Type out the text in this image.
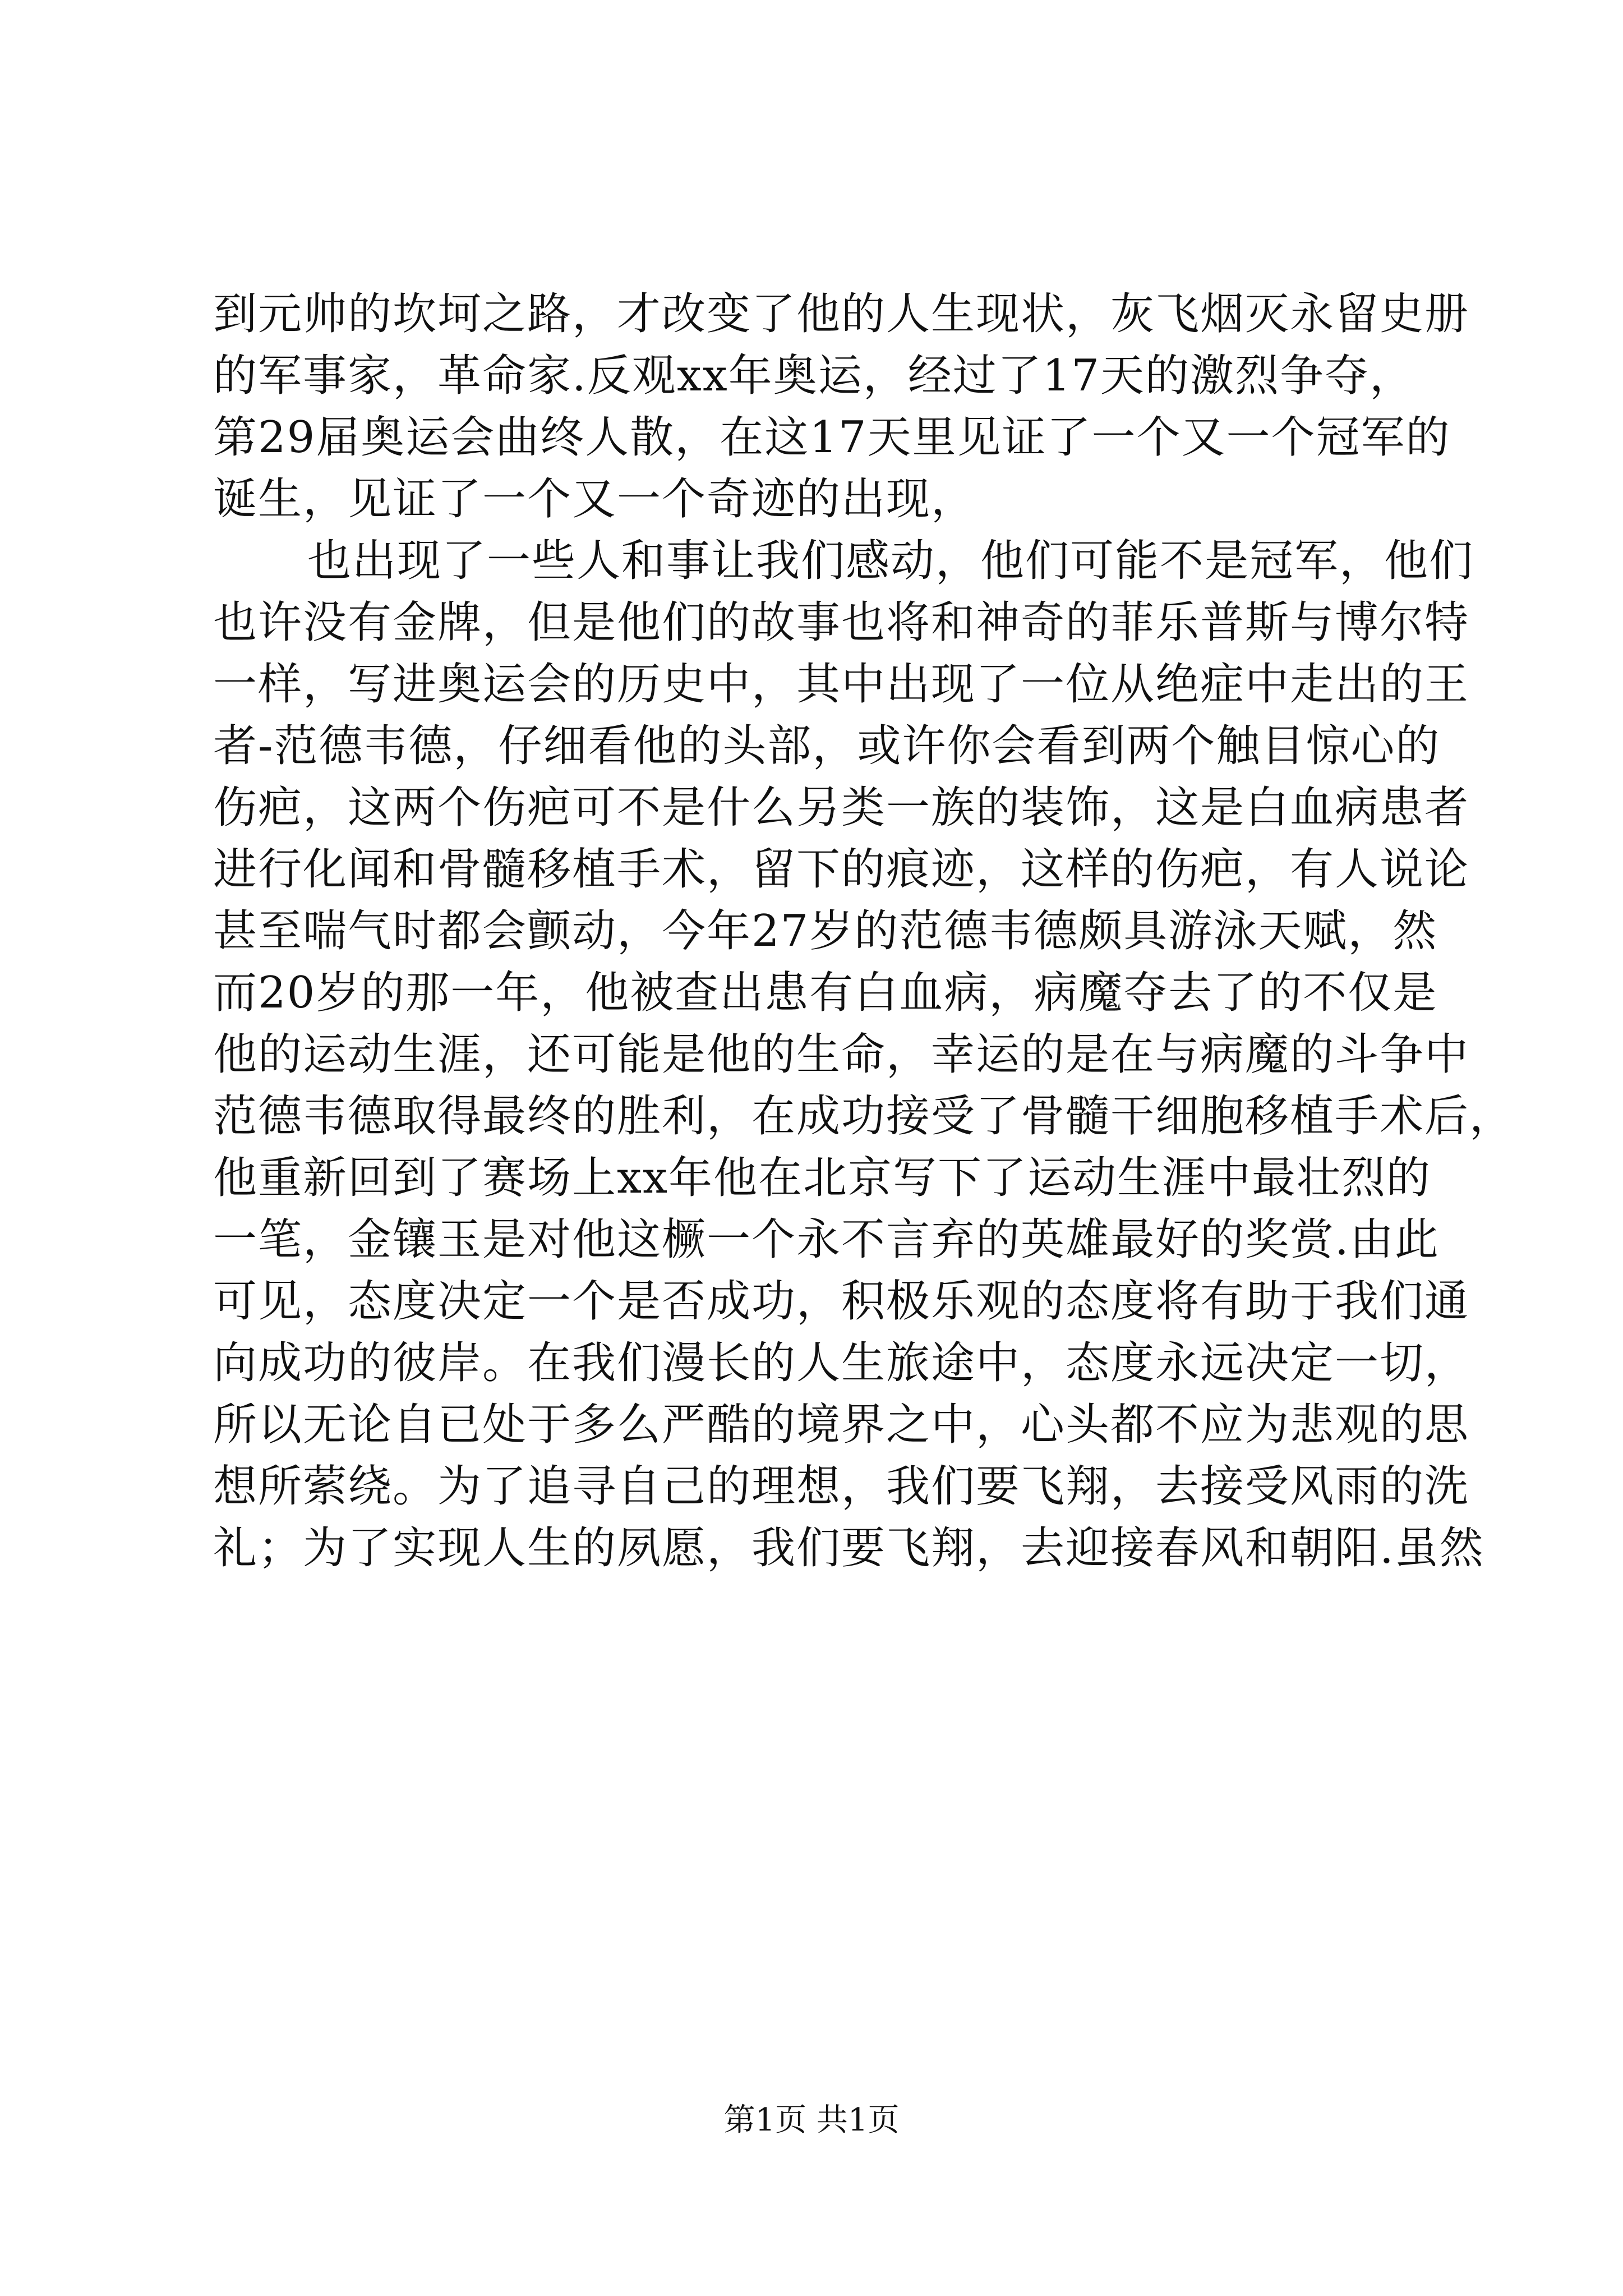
到元帅的坎坷之路，才改变了他的人生现状，灰飞烟灭永留史册
的军事家，革命家.反观xx年奥运，经过了17天的激烈争夺，
第29届奥运会曲终人散，在这17天里见证了一个又一个冠军的
诞生，见证了一个又一个奇迹的出现，
也出现了一些人和事让我们感动，他们可能不是冠军，他们
也许没有金牌，但是他们的故事也将和神奇的菲乐普斯与博尔特
一样，写进奥运会的历史中，其中出现了一位从绝症中走出的王
者-范德韦德，仔细看他的头部，或许你会看到两个触目惊心的
伤疤，这两个伤疤可不是什么另类一族的装饰，这是白血病患者
进行化闻和骨髓移植手术，留下的痕迹，这样的伤疤，有人说论
甚至喘气时都会颤动，今年27岁的范德韦德颇具游泳天赋，然
而20岁的那一年，他被查出患有白血病，病魔夺去了的不仅是
他的运动生涯，还可能是他的生命，幸运的是在与病魔的斗争中
范德韦德取得最终的胜利，在成功接受了骨髓干细胞移植手术后，
他重新回到了赛场上xx年他在北京写下了运动生涯中最壮烈的
一笔，金镶玉是对他这橛一个永不言弃的英雄最好的奖赏.由此
可见，态度决定一个是否成功，积极乐观的态度将有助于我们通
向成功的彼岸。在我们漫长的人生旅途中，态度永远决定一切，
所以无论自已处于多么严酷的境界之中，心头都不应为悲观的思
想所萦绕。为了追寻自己的理想，我们要飞翔，去接受风雨的洗
礼；为了实现人生的夙愿，我们要飞翔，去迎接春风和朝阳.虽然
第1页 共1页
